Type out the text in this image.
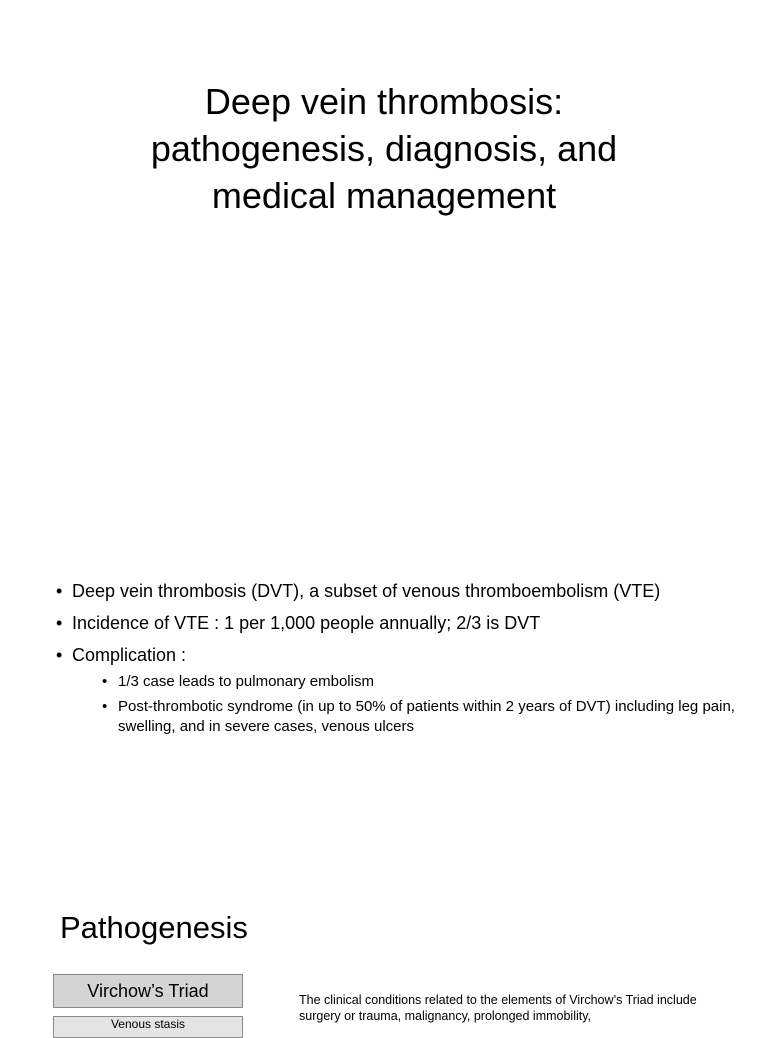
Deep vein thrombosis:
pathogenesis, diagnosis, and
medical management
• Deep vein thrombosis (DVT), a subset of venous thromboembolism (VTE)
• Incidence of VTE : 1 per 1,000 people annually; 2/3 is DVT
• Complication :
• 1/3 case leads to pulmonary embolism
• Post-thrombotic syndrome (in up to 50% of patients within 2 years of DVT) including leg pain, swelling, and in severe cases, venous ulcers
Pathogenesis
Virchow’s Triad
Venous stasis

The clinical conditions related to the elements of Virchow’s Triad include surgery or trauma, malignancy, prolonged immobility,
